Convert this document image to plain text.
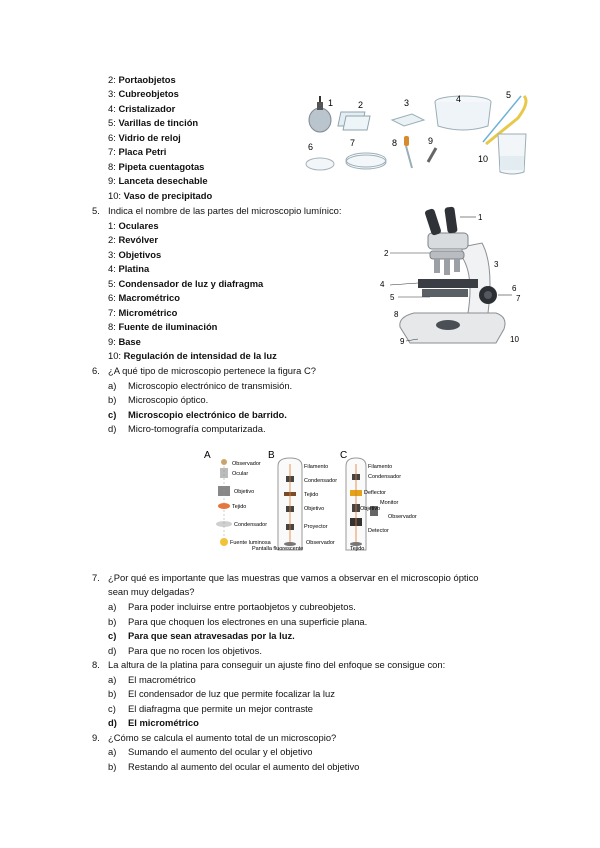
2: Portaobjetos
3: Cubreobjetos
4: Cristalizador
5: Varillas de tinción
6: Vidrio de reloj
7: Placa Petri
8: Pipeta cuentagotas
9: Lanceta desechable
10: Vaso de precipitado
1	2	3	4	5
6	7	8	9
10
5. Indica el nombre de las partes del microscopio lumínico:
1: Oculares
2: Revólver
3: Objetivos
4: Platina
5: Condensador de luz y diafragma
6: Macrométrico
7: Micrométrico
8: Fuente de iluminación
9: Base
10: Regulación de intensidad de la luz
1
2
3
4
5
6
7
8
9	10
6. ¿A qué tipo de microscopio pertenece la figura C?
a) Microscopio electrónico de transmisión.
b) Microscopio óptico.
c) Microscopio electrónico de barrido.
d) Micro-tomografía computarizada.
A
Observador
Ocular
Objetivo
Tejido
Condensador
Fuente luminosa
B
Filamento
Condensador
Tejido
Objetivo
Proyector
Pantalla fluorescente
Observador
C
Filamento
Condensador
Deflector
Objetivo
Monitor
Observador
Detector
Tejido
7. ¿Por qué es importante que las muestras que vamos a observar en el microscopio óptico
sean muy delgadas?
a) Para poder incluirse entre portaobjetos y cubreobjetos.
b) Para que choquen los electrones en una superficie plana.
c) Para que sean atravesadas por la luz.
d) Para que no rocen los objetivos.
8. La altura de la platina para conseguir un ajuste fino del enfoque se consigue con:
a) El macrométrico
b) El condensador de luz que permite focalizar la luz
c) El diafragma que permite un mejor contraste
d) El micrométrico
9. ¿Cómo se calcula el aumento total de un microscopio?
a) Sumando el aumento del ocular y el objetivo
b) Restando al aumento del ocular el aumento del objetivo
